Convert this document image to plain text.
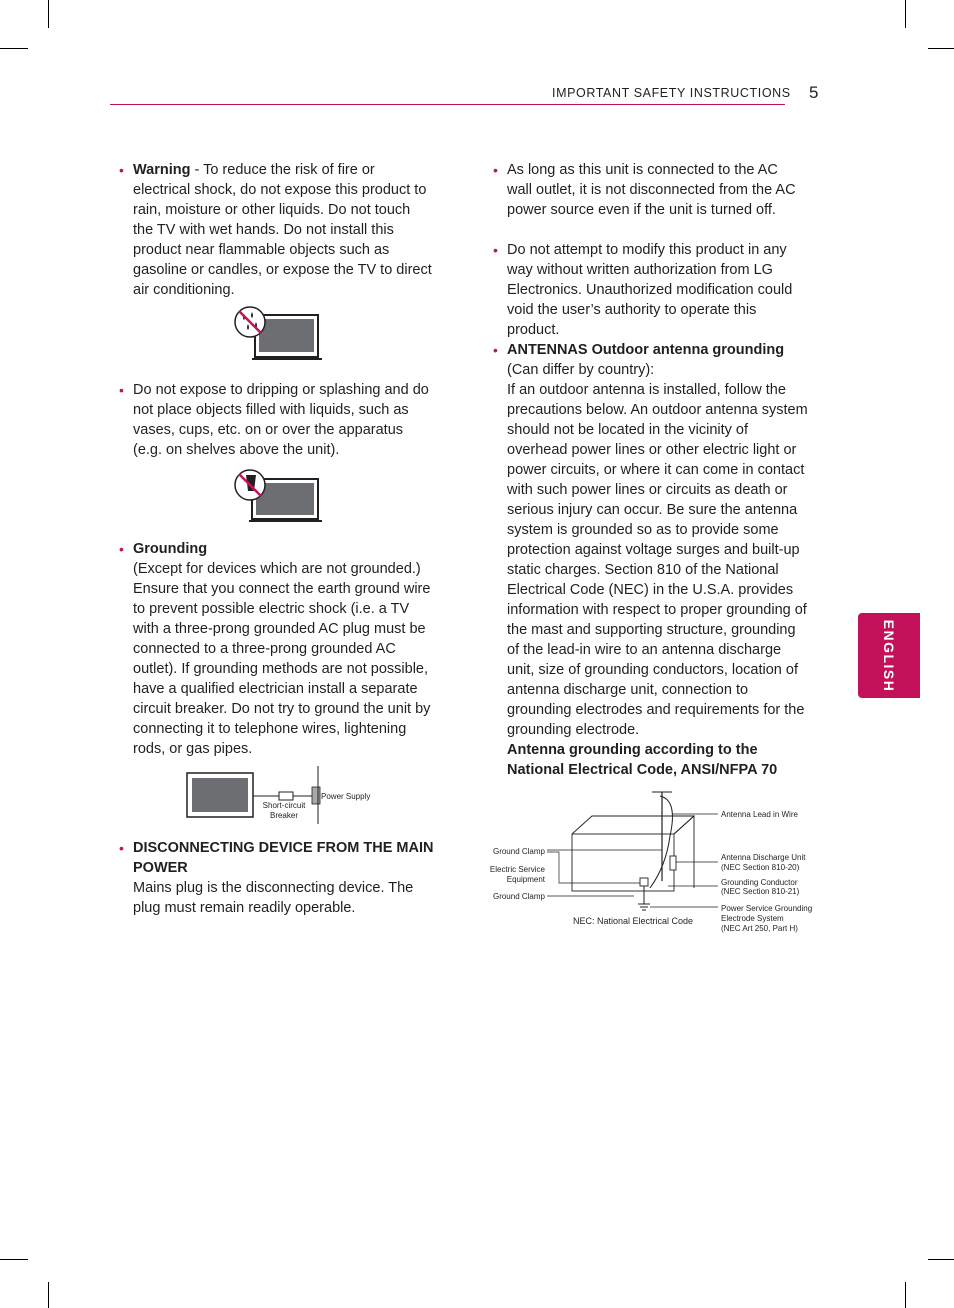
IMPORTANT SAFETY INSTRUCTIONS 5
ENGLISH
• Warning - To reduce the risk of fire or electrical shock, do not expose this product to rain, moisture or other liquids. Do not touch the TV with wet hands. Do not install this product near flammable objects such as gasoline or candles, or expose the TV to direct air conditioning.
• Do not expose to dripping or splashing and do not place objects filled with liquids, such as vases, cups, etc. on or over the apparatus (e.g. on shelves above the unit).
• Grounding
(Except for devices which are not grounded.) Ensure that you connect the earth ground wire to prevent possible electric shock (i.e. a TV with a three-prong grounded AC plug must be connected to a three-prong grounded AC outlet). If grounding methods are not possible, have a qualified electrician install a separate circuit breaker. Do not try to ground the unit by connecting it to telephone wires, lightening rods, or gas pipes.
Power Supply
Short-circuit
Breaker
• DISCONNECTING DEVICE FROM THE MAIN POWER
Mains plug is the disconnecting device. The plug must remain readily operable.
• As long as this unit is connected to the AC wall outlet, it is not disconnected from the AC power source even if the unit is turned off.
• Do not attempt to modify this product in any way without written authorization from LG Electronics. Unauthorized modification could void the user’s authority to operate this product.
• ANTENNAS Outdoor antenna grounding
(Can differ by country):
If an outdoor antenna is installed, follow the precautions below. An outdoor antenna system should not be located in the vicinity of overhead power lines or other electric light or power circuits, or where it can come in contact with such power lines or circuits as death or serious injury can occur. Be sure the antenna system is grounded so as to provide some protection against voltage surges and built-up static charges. Section 810 of the National Electrical Code (NEC) in the U.S.A. provides information with respect to proper grounding of the mast and supporting structure, grounding of the lead-in wire to an antenna discharge unit, size of grounding conductors, location of antenna discharge unit, connection to grounding electrodes and requirements for the grounding electrode.
Antenna grounding according to the National Electrical Code, ANSI/NFPA 70
Antenna Lead in Wire
Ground Clamp
Electric Service
Equipment
Ground Clamp
Antenna Discharge Unit
(NEC Section 810-20)
Grounding Conductor
(NEC Section 810-21)
Power Service Grounding
Electrode System
(NEC Art 250, Part H)
NEC: National Electrical Code
